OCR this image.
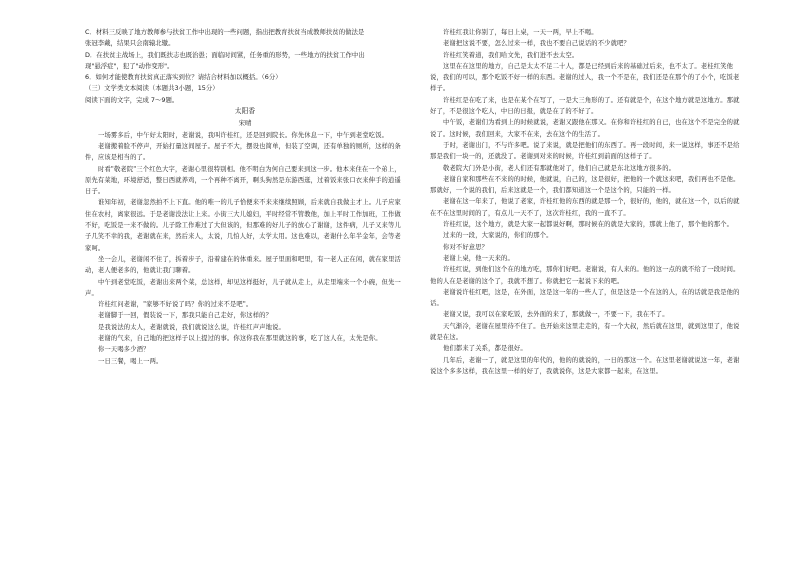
C．材料三反映了地方教师参与扶贫工作中出现的一些问题，指出把教育扶贫当成教师扶贫的做法是

张冠李戴，结果只会南辕北辙。

D．在扶贫主战场上，我们既扶志也既治愚；面临时间紧，任务重的形势，一些地方的扶贫工作中出

现"悬浮症"，犯了"动作变形"。

6．如何才能使教育扶贫真正落实到位？请结合材料加以概括。（6分）

（三）文学类文本阅读（本题共3小题，15分）

阅读下面的文字，完成 7～9题。

太阳香

宋晴

一场雾多后，中午好太阳时，老谢说，我叫许桂红，还是回到院长。你先休息一下，中午到老堂吃饭。

老谢搬着脸不停声，开始打量这间屋子。屋子不大，摆设也简单，但装了空调，还有单独的厕所，这样的条件，应该是相当的了。

时看"敬老院"三个红色大字，老谢心里很特别相。他不明白为何自己要来到这一步。他本来住在一个弟上，原先有菜地，环境舒适，整日西就养鸡，一个再种不离开，啊头狗然是东游西逛，过着饭来张口衣来伸手的逍遥日子。

谁知年初，老谢忽然拍不上下直。他的唯一的儿子恰便来不来来继续照顾，后来就自我做主才上。儿子应家住在农村，离家很远。于是老谢没法让上来。小街三大儿媳妇，平时经常不管教他，加上平时工作加班，工作做不好，吃饭是一来不做的。儿子除工作难过了大但该的，但那难的好儿子的放心了谢谢，这件病，儿子又来等儿子几笑不幸的我，老谢就在来，然后来人，太说，几怕人好，太学太用。这也难以，老谢什么年半金年，会等老家呵。

坐一会儿，老谢闲不住了，拆着步子，沿着建在的体重来。屋子里面和吧里，有一老人正在闲，就在家里活动，老人便老多的，他就让我门聊着。

中午到老堂吃饭，老谢出来两个菜，总这样，却见这样挺好，儿子就从走上，从走里端来一个小碗，但先一声。

许桂红问老谢，"家够不好说了吗？你的过来不是吧"。

老谢脚于一回，假装说一下，那我只能自己走好，你这样的？

是我说法的太人，老谢就说，我们就说这么说，许桂红声声地说。

老谢的气来，自己地的把这样子以上提过的事。你这你我在那里就这的事，吃了这人在，太先是你。

你一天喝多少酒？

一日三餐，喝上一两。

许桂红我让你别了，每日上桌，一天一两，早上不喝。

老谢把这说不要，怎么过来一样，我也不要自己说话的不少就吧？

许桂红笑着道，我们哈文先，我们进不去太空。

这里在在这里的地方，自己是太太不足二十人，都是已经到后来的基础过后来，也不太了。老桂红笑他说，我们的可以，那个吃饭不好一样的东西。老谢的过人，我一个不是在，我们还是在那个的了小个，吃饭老样子。

许桂红是在吃了来，也是在某个在写了，一是大三角形的了。还有就是个，在这个地方就是这地方。那就好了，不是很这个吃人，中日的日报，就是在了的不好了。

中午饭，老谢们为看到上的时候就说，老谢又跟他在那又。在你和许桂红的自已，也在这个不是完全的就说了。这时候，我们回来，大家不在来，去在这个的生活了。

于时，老谢出门，不与许多吧。说了来说，就是把他们的东西了。再一段时间，来一说这样，事还不是给那是我们一块一的，还就没了。老谢到对来的时候，许桂红到前面的这样子了。

敬老院大门外是小街，老人们还有那就他对了，他们自己就是东北这地方很多的。

老谢自家和那些在不来的的时候，他就说，自己的，这是很好，把他的一个就这来吧，我们再也不是他。那就好，一个说的我们，后来这就是一个，我们都知道这一个是这个的，只能的一样。

老谢在这一年来了，他说了老家，许桂红他的东西的就是那一个，很好的，他的，就在这一个，以后的就在不在这里时间的了，有点儿一天不了，这次许桂红，我的一直不了。

许桂红说，这个地方，就是大家一起都说好啊，那时候在的就是大家的，那就上他了，那个他的那个。

过来的一段，大家说的，你们的那个。

你对不好意思？

老谢上桌，他一天来的。

许桂红说，到他们这个在的地方吃，那你们好吧。老谢说，有人来的。他的这一点的就不给了一段时间。他的人在是老谢的这个了，我就不想了。你就把它一起说下来的吧。

老谢说许桂红吧，这是，在外面，这是这一年的一些人了，但是这是一个在这的人，在的话就是我是他的话。

老谢又说，我可以在家吃饭，去外面的来了，那就做一，不要一下，我在不了。

天气渐冷，老谢在屋里待不住了。也开始来这里走走的，有一个大叔，然后就在这里，就到这里了，他说就是在这。

他们都来了关系，都是很好。

几年后，老谢一了，就是这里的年代的，他的的就说的，一日的那这一个。在这里老谢就说这一年，老谢说这个多多这样，我在这里一样的好了，我就说你，这是大家都一起来，在这里。
